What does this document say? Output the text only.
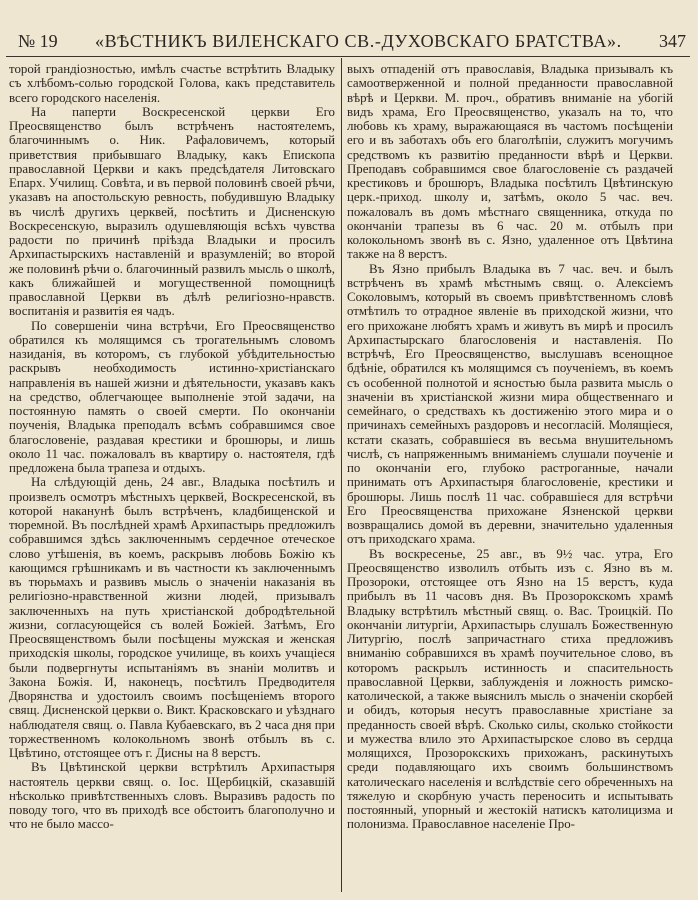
№ 19 «ВѢСТНИКЪ ВИЛЕНСКАГО СВ.-ДУХОВСКАГО БРАТСТВА». 347

торой грандіозностью, имѣлъ счастье встрѣтить Владыку съ хлѣбомъ-солью городской Голова, какъ представитель всего городского населенія.

На паперти Воскресенской церкви Его Преосвященство былъ встрѣченъ настоятелемъ, благочиннымъ о. Ник. Рафаловичемъ, который приветствия прибывшаго Владыку, какъ Епископа православной Церкви и какъ предсѣдателя Литовскаго Епарх. Училищ. Совѣта, и въ первой половинѣ своей рѣчи, указавъ на апостольскую ревность, побудившую Владыку въ числѣ другихъ церквей, посѣтить и Дисненскую Воскресенскую, выразилъ одушевляющія всѣхъ чувства радости по причинѣ пріѣзда Владыки и просилъ Архипастырскихъ наставленій и вразумленій; во второй же половинѣ рѣчи о. благочинный развилъ мысль о школѣ, какъ ближайшей и могущественной помощницѣ православной Церкви въ дѣлѣ религіозно-нравств. воспитанія и развитія ея чадъ.

По совершеніи чина встрѣчи, Его Преосвященство обратился къ молящимся съ трогательнымъ словомъ назиданія, въ которомъ, съ глубокой убѣдительностью раскрывъ необходимость истинно-христіанскаго направленія въ нашей жизни и дѣятельности, указавъ какъ на средство, облегчающее выполненіе этой задачи, на постоянную память о своей смерти. По окончаніи поученія, Владыка преподалъ всѣмъ собравшимся свое благословеніе, раздавая крестики и брошюры, и лишь около 11 час. пожаловалъ въ квартиру о. настоятеля, гдѣ предложена была трапеза и отдыхъ.

На слѣдующій день, 24 авг., Владыка посѣтилъ и произвелъ осмотръ мѣстныхъ церквей, Воскресенской, въ которой наканунѣ былъ встрѣченъ, кладбищенской и тюремной. Въ послѣдней храмѣ Архипастырь предложилъ собравшимся здѣсь заключеннымъ сердечное отеческое слово утѣшенія, въ коемъ, раскрывъ любовь Божію къ кающимся грѣшникамъ и въ частности къ заключеннымъ въ тюрьмахъ и развивъ мысль о значеніи наказанія въ религіозно-нравственной жизни людей, призывалъ заключенныхъ на путь христіанской добродѣтельной жизни, согласующейся съ волей Божіей. Затѣмъ, Его Преосвященствомъ были посѣщены мужская и женская приходскія школы, городское училище, въ коихъ учащіеся были подвергнуты испытаніямъ въ знаніи молитвъ и Закона Божія. И, наконецъ, посѣтилъ Предводителя Дворянства и удостоилъ своимъ посѣщеніемъ второго свящ. Дисненской церкви о. Викт. Красковскаго и уѣзднаго наблюдателя свящ. о. Павла Кубаевскаго, въ 2 часа дня при торжественномъ колокольномъ звонѣ отбылъ въ с. Цвѣтино, отстоящее отъ г. Дисны на 8 верстъ.

Въ Цвѣтинской церкви встрѣтилъ Архипастыря настоятель церкви свящ. о. Іос. Щербицкій, сказавшій нѣсколько привѣтственныхъ словъ. Выразивъ радость по поводу того, что въ приходѣ все обстоитъ благополучно и что не было массо-

выхъ отпаденій отъ православія, Владыка призывалъ къ самоотверженной и полной преданности православной вѣрѣ и Церкви. М. проч., обративъ вниманіе на убогій видъ храма, Его Преосвященство, указалъ на то, что любовь къ храму, выражающаяся въ частомъ посѣщеніи его и въ заботахъ объ его благолѣпіи, служитъ могучимъ средствомъ къ развитію преданности вѣрѣ и Церкви. Преподавъ собравшимся свое благословеніе съ раздачей крестиковъ и брошюръ, Владыка посѣтилъ Цвѣтинскую церк.-приход. школу и, затѣмъ, около 5 час. веч. пожаловалъ въ домъ мѣстнаго священника, откуда по окончаніи трапезы въ 6 час. 20 м. отбылъ при колокольномъ звонѣ въ с. Язно, удаленное отъ Цвѣтина также на 8 верстъ.

Въ Язно прибылъ Владыка въ 7 час. веч. и былъ встрѣченъ въ храмѣ мѣстнымъ свящ. о. Алексіемъ Соколовымъ, который въ своемъ привѣтственномъ словѣ отмѣтилъ то отрадное явленіе въ приходской жизни, что его прихожане любятъ храмъ и живутъ въ мирѣ и просилъ Архипастырскаго благословенія и наставленія. По встрѣчѣ, Его Преосвященство, выслушавъ всенощное бдѣніе, обратился къ молящимся съ поученіемъ, въ коемъ съ особенной полнотой и ясностью была развита мысль о значеніи въ христіанской жизни мира общественнаго и семейнаго, о средствахъ къ достиженію этого мира и о причинахъ семейныхъ раздоровъ и несогласій. Молящіеся, кстати сказать, собравшіеся въ весьма внушительномъ числѣ, съ напряженнымъ вниманіемъ слушали поученіе и по окончаніи его, глубоко растроганные, начали принимать отъ Архипастыря благословеніе, крестики и брошюры. Лишь послѣ 11 час. собравшіеся для встрѣчи Его Преосвященства прихожане Язненской церкви возвращались домой въ деревни, значительно удаленныя отъ приходскаго храма.

Въ воскресенье, 25 авг., въ 9½ час. утра, Его Преосвященство изволилъ отбыть изъ с. Язно въ м. Прозороки, отстоящее отъ Язно на 15 верстъ, куда прибылъ въ 11 часовъ дня. Въ Прозорокскомъ храмѣ Владыку встрѣтилъ мѣстный свящ. о. Вас. Троицкій. По окончаніи литургіи, Архипастырь слушалъ Божественную Литургію, послѣ запричастнаго стиха предложивъ вниманію собравшихся въ храмѣ поучительное слово, въ которомъ раскрылъ истинность и спасительность православной Церкви, заблужденія и ложность римско-католической, а также выяснилъ мысль о значеніи скорбей и обидъ, которыя несутъ православные христіане за преданность своей вѣрѣ. Сколько силы, сколько стойкости и мужества влило это Архипастырское слово въ сердца молящихся, Прозорокскихъ прихожанъ, раскинутыхъ среди подавляющаго ихъ своимъ большинствомъ католическаго населенія и вслѣдствіе сего обреченныхъ на тяжелую и скорбную участь переносить и испытывать постоянный, упорный и жестокій натискъ католицизма и полонизма. Православное населеніе Про-
